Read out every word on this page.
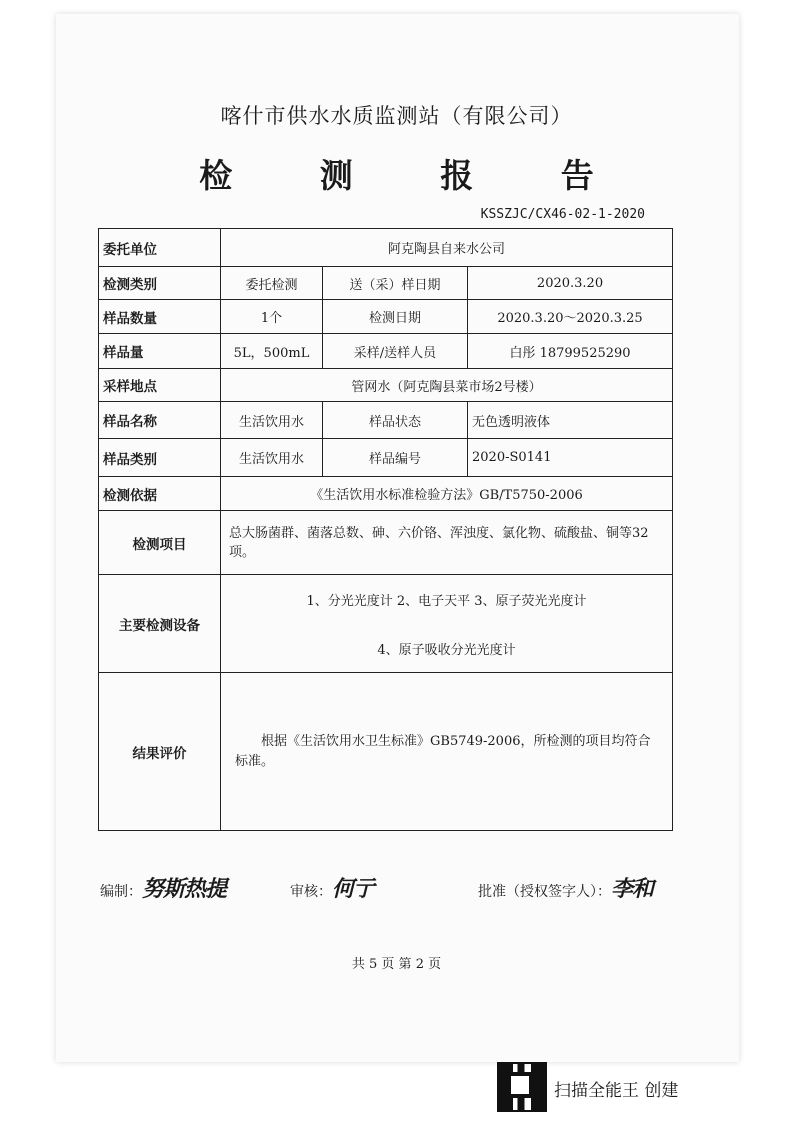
喀什市供水水质监测站（有限公司）
检 测 报 告
KSSZJC/CX46-02-1-2020
委托单位	阿克陶县自来水公司		
检测类别	委托检测	送（采）样日期	2020.3.20
样品数量	1个	检测日期	2020.3.20～2020.3.25
样品量	5L，500mL	采样/送样人员	白彤 18799525290
采样地点	管网水（阿克陶县菜市场2号楼）		
样品名称	生活饮用水	样品状态	无色透明液体
样品类别	生活饮用水	样品编号	2020-S0141
检测依据	《生活饮用水标准检验方法》GB/T5750-2006		
检测项目	总大肠菌群、菌落总数、砷、六价铬、浑浊度、氯化物、硫酸盐、铜等32项。		
主要检测设备	1、分光光度计 2、电子天平 3、原子荧光光度计
4、原子吸收分光光度计		

结果评价	根据《生活饮用水卫生标准》GB5749-2006，所检测的项目均符合标准。		
编制：努斯热提	审核：何亍	批准（授权签字人）：李和
共 5 页 第 2 页
扫描全能王 创建
